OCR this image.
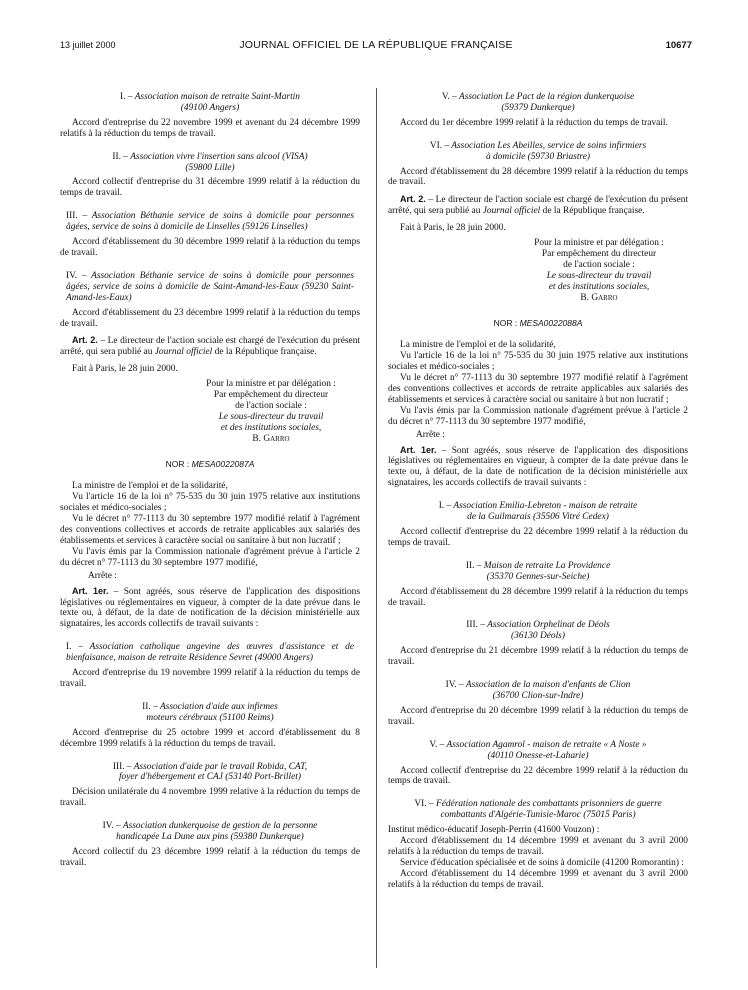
13 juillet 2000	JOURNAL OFFICIEL DE LA RÉPUBLIQUE FRANÇAISE	10677

I. – Association maison de retraite Saint-Martin
(49100 Angers)

Accord d'entreprise du 22 novembre 1999 et avenant du 24 décembre 1999 relatifs à la réduction du temps de travail.

II. – Association vivre l'insertion sans alcool (VISA)
(59800 Lille)

Accord collectif d'entreprise du 31 décembre 1999 relatif à la réduction du temps de travail.

III. – Association Béthanie service de soins à domicile pour personnes âgées, service de soins à domicile de Linselles (59126 Linselles)

Accord d'établissement du 30 décembre 1999 relatif à la réduction du temps de travail.

IV. – Association Béthanie service de soins à domicile pour personnes âgées, service de soins à domicile de Saint-Amand-les-Eaux (59230 Saint-Amand-les-Eaux)

Accord d'établissement du 23 décembre 1999 relatif à la réduction du temps de travail.

Art. 2. – Le directeur de l'action sociale est chargé de l'exécution du présent arrêté, qui sera publié au Journal officiel de la République française.

Fait à Paris, le 28 juin 2000.

Pour la ministre et par délégation :

Par empêchement du directeur

de l'action sociale :

Le sous-directeur du travail

et des institutions sociales,

B. Garro

NOR : MESA0022087A

La ministre de l'emploi et de la solidarité,

Vu l'article 16 de la loi n° 75-535 du 30 juin 1975 relative aux institutions sociales et médico-sociales ;

Vu le décret n° 77-1113 du 30 septembre 1977 modifié relatif à l'agrément des conventions collectives et accords de retraite applicables aux salariés des établissements et services à caractère social ou sanitaire à but non lucratif ;

Vu l'avis émis par la Commission nationale d'agrément prévue à l'article 2 du décret n° 77-1113 du 30 septembre 1977 modifié,

Arrête :

Art. 1er. – Sont agréés, sous réserve de l'application des dispositions législatives ou réglementaires en vigueur, à compter de la date prévue dans le texte ou, à défaut, de la date de notification de la décision ministérielle aux signataires, les accords collectifs de travail suivants :

I. – Association catholique angevine des œuvres d'assistance et de bienfaisance, maison de retraite Résidence Sevret (49000 Angers)

Accord d'entreprise du 19 novembre 1999 relatif à la réduction du temps de travail.

II. – Association d'aide aux infirmes
moteurs cérébraux (51100 Reims)

Accord d'entreprise du 25 octobre 1999 et accord d'établissement du 8 décembre 1999 relatifs à la réduction du temps de travail.

III. – Association d'aide par le travail Robida, CAT,
foyer d'hébergement et CAJ (53140 Port-Brillet)

Décision unilatérale du 4 novembre 1999 relative à la réduction du temps de travail.

IV. – Association dunkerquoise de gestion de la personne
handicapée La Dune aux pins (59380 Dunkerque)

Accord collectif du 23 décembre 1999 relatif à la réduction du temps de travail.

V. – Association Le Pact de la région dunkerquoise
(59379 Dunkerque)

Accord du 1er décembre 1999 relatif à la réduction du temps de travail.

VI. – Association Les Abeilles, service de soins infirmiers
à domicile (59730 Briastre)

Accord d'établissement du 28 décembre 1999 relatif à la réduction du temps de travail.

Art. 2. – Le directeur de l'action sociale est chargé de l'exécution du présent arrêté, qui sera publié au Journal officiel de la République française.

Fait à Paris, le 28 juin 2000.

Pour la ministre et par délégation :

Par empêchement du directeur

de l'action sociale :

Le sous-directeur du travail

et des institutions sociales,

B. Garro

NOR : MESA0022088A

La ministre de l'emploi et de la solidarité,

Vu l'article 16 de la loi n° 75-535 du 30 juin 1975 relative aux institutions sociales et médico-sociales ;

Vu le décret n° 77-1113 du 30 septembre 1977 modifié relatif à l'agrément des conventions collectives et accords de retraite applicables aux salariés des établissements et services à caractère social ou sanitaire à but non lucratif ;

Vu l'avis émis par la Commission nationale d'agrément prévue à l'article 2 du décret n° 77-1113 du 30 septembre 1977 modifié,

Arrête :

Art. 1er. – Sont agréés, sous réserve de l'application des dispositions législatives ou réglementaires en vigueur, à compter de la date prévue dans le texte ou, à défaut, de la date de notification de la décision ministérielle aux signataires, les accords collectifs de travail suivants :

I. – Association Emilia-Lebreton - maison de retraite
de la Guilmarais (35506 Vitré Cedex)

Accord collectif d'entreprise du 22 décembre 1999 relatif à la réduction du temps de travail.

II. – Maison de retraite La Providence
(35370 Gennes-sur-Seiche)

Accord d'établissement du 28 décembre 1999 relatif à la réduction du temps de travail.

III. – Association Orphelinat de Déols
(36130 Déols)

Accord d'entreprise du 21 décembre 1999 relatif à la réduction du temps de travail.

IV. – Association de la maison d'enfants de Clion
(36700 Clion-sur-Indre)

Accord d'entreprise du 20 décembre 1999 relatif à la réduction du temps de travail.

V. – Association Agamrol - maison de retraite « A Noste »
(40110 Onesse-et-Laharie)

Accord collectif d'entreprise du 22 décembre 1999 relatif à la réduction du temps de travail.

VI. – Fédération nationale des combattants prisonniers de guerre
combattants d'Algérie-Tunisie-Maroc (75015 Paris)

Institut médico-éducatif Joseph-Perrin (41600 Vouzon) :

Accord d'établissement du 14 décembre 1999 et avenant du 3 avril 2000 relatifs à la réduction du temps de travail.

Service d'éducation spécialisée et de soins à domicile (41200 Romorantin) :

Accord d'établissement du 14 décembre 1999 et avenant du 3 avril 2000 relatifs à la réduction du temps de travail.
